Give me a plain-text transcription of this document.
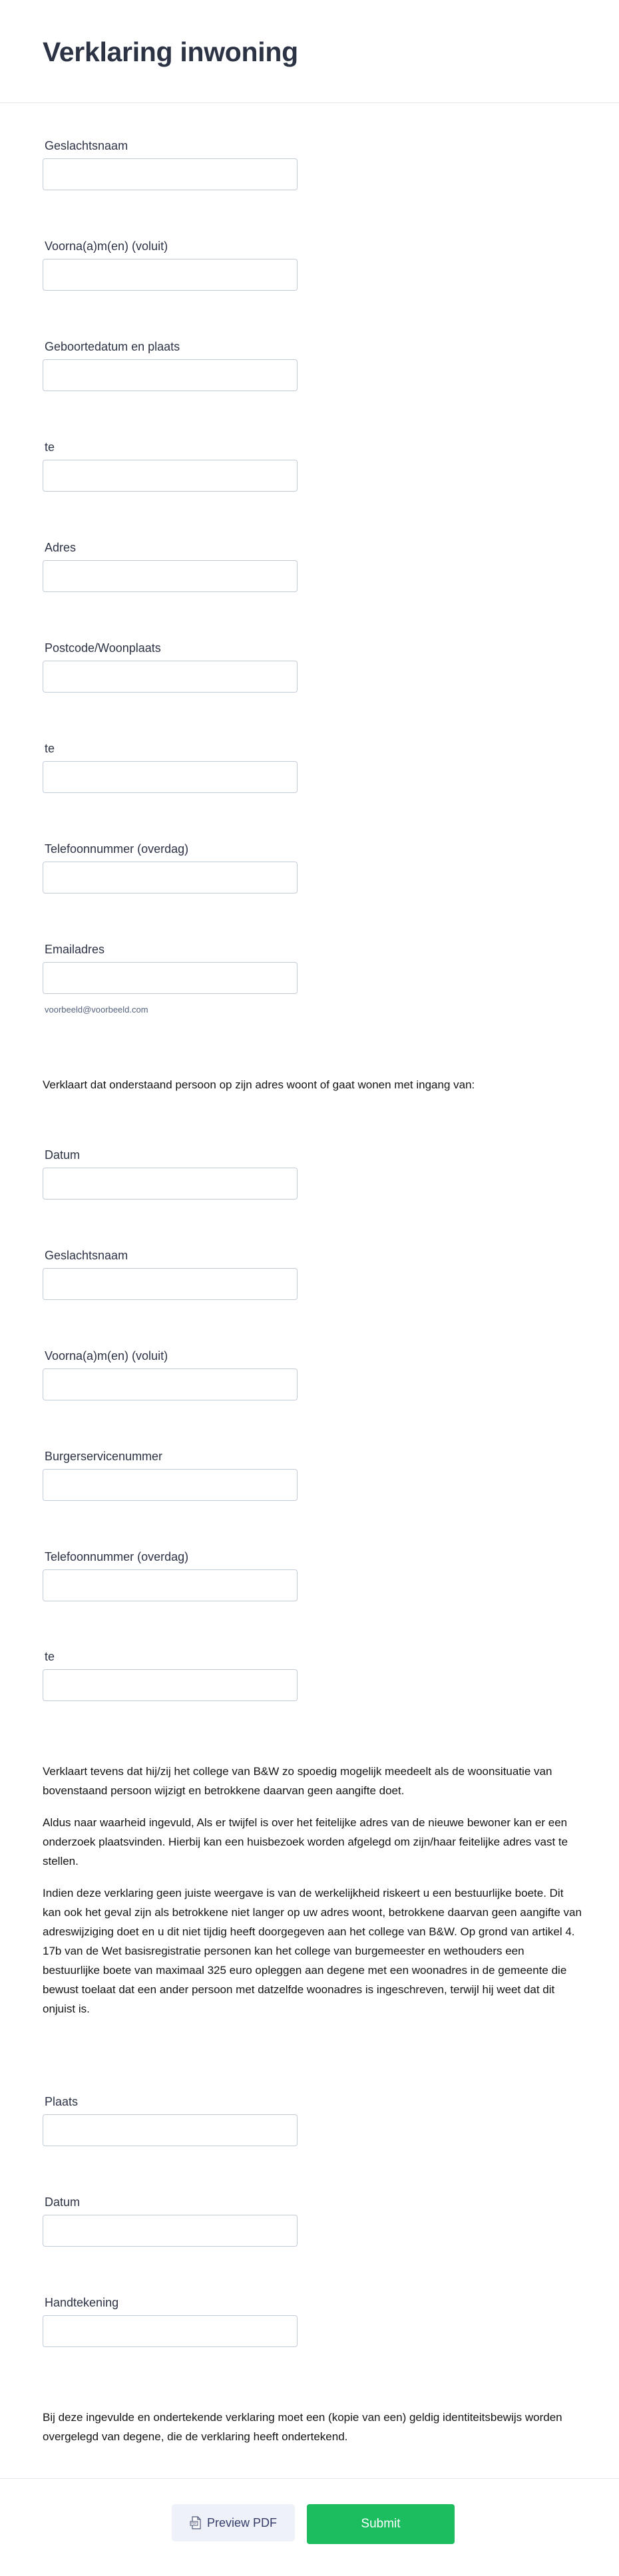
Verklaring inwoning
Geslachtsnaam
Voorna(a)m(en) (voluit)
Geboortedatum en plaats
te
Adres
Postcode/Woonplaats
te
Telefoonnummer (overdag)
Emailadres
voorbeeld@voorbeeld.com

Verklaart dat onderstaand persoon op zijn adres woont of gaat wonen met ingang van:

Datum
Geslachtsnaam
Voorna(a)m(en) (voluit)
Burgerservicenummer
Telefoonnummer (overdag)
te

Verklaart tevens dat hij/zij het college van B&W zo spoedig mogelijk meedeelt als de woonsituatie van bovenstaand persoon wijzigt en betrokkene daarvan geen aangifte doet.

Aldus naar waarheid ingevuld, Als er twijfel is over het feitelijke adres van de nieuwe bewoner kan er een onderzoek plaatsvinden. Hierbij kan een huisbezoek worden afgelegd om zijn/haar feitelijke adres vast te stellen.

Indien deze verklaring geen juiste weergave is van de werkelijkheid riskeert u een bestuurlijke boete. Dit kan ook het geval zijn als betrokkene niet langer op uw adres woont, betrokkene daarvan geen aangifte van adreswijziging doet en u dit niet tijdig heeft doorgegeven aan het college van B&W. Op grond van artikel 4. 17b van de Wet basisregistratie personen kan het college van burgemeester en wethouders een bestuurlijke boete van maximaal 325 euro opleggen aan degene met een woonadres in de gemeente die bewust toelaat dat een ander persoon met datzelfde woonadres is ingeschreven, terwijl hij weet dat dit onjuist is.

Plaats
Datum
Handtekening

Bij deze ingevulde en ondertekende verklaring moet een (kopie van een) geldig identiteitsbewijs worden overgelegd van degene, die de verklaring heeft ondertekend.

PDF Preview PDF	Submit
